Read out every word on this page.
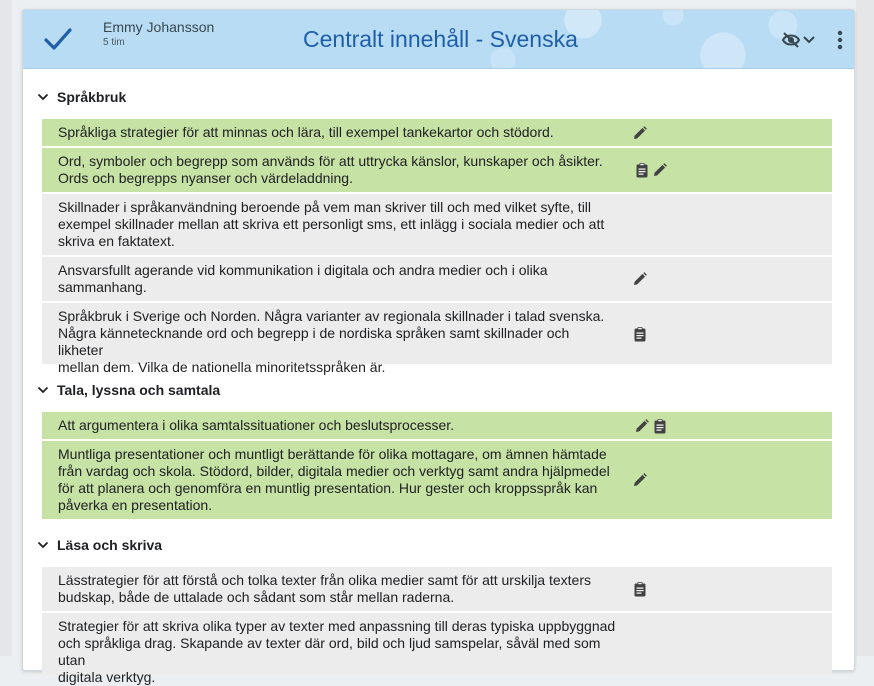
Emmy Johansson
5 tim	Centralt innehåll - Svenska
Språkbruk
Språkliga strategier för att minnas och lära, till exempel tankekartor och stödord.
Ord, symboler och begrepp som används för att uttrycka känslor, kunskaper och åsikter.
Ords och begrepps nyanser och värdeladdning.
Skillnader i språkanvändning beroende på vem man skriver till och med vilket syfte, till
exempel skillnader mellan att skriva ett personligt sms, ett inlägg i sociala medier och att
skriva en faktatext.
Ansvarsfullt agerande vid kommunikation i digitala och andra medier och i olika
sammanhang.
Språkbruk i Sverige och Norden. Några varianter av regionala skillnader i talad svenska.
Några kännetecknande ord och begrepp i de nordiska språken samt skillnader och likheter
mellan dem. Vilka de nationella minoritetsspråken är.
Tala, lyssna och samtala
Att argumentera i olika samtalssituationer och beslutsprocesser.
Muntliga presentationer och muntligt berättande för olika mottagare, om ämnen hämtade
från vardag och skola. Stödord, bilder, digitala medier och verktyg samt andra hjälpmedel
för att planera och genomföra en muntlig presentation. Hur gester och kroppsspråk kan
påverka en presentation.
Läsa och skriva
Lässtrategier för att förstå och tolka texter från olika medier samt för att urskilja texters
budskap, både de uttalade och sådant som står mellan raderna.
Strategier för att skriva olika typer av texter med anpassning till deras typiska uppbyggnad
och språkliga drag. Skapande av texter där ord, bild och ljud samspelar, såväl med som utan
digitala verktyg.
